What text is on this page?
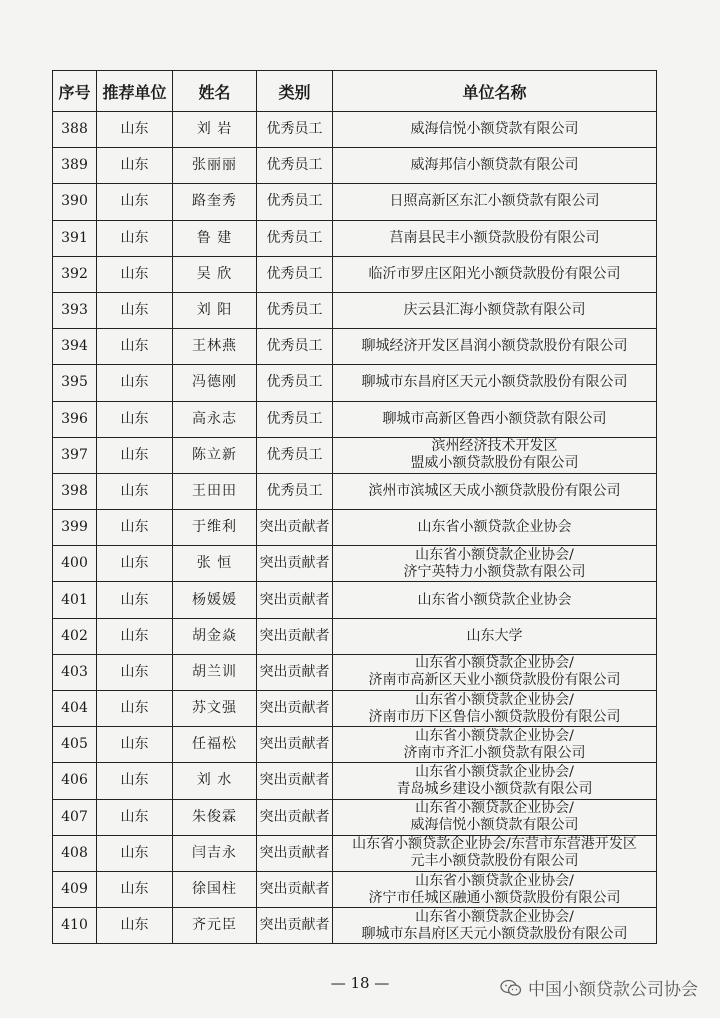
序号	推荐单位	姓名	类别	单位名称
388	山东	刘 岩	优秀员工	威海信悦小额贷款有限公司

389	山东	张丽丽	优秀员工	威海邦信小额贷款有限公司

390	山东	路奎秀	优秀员工	日照高新区东汇小额贷款有限公司

391	山东	鲁 建	优秀员工	莒南县民丰小额贷款股份有限公司

392	山东	吴 欣	优秀员工	临沂市罗庄区阳光小额贷款股份有限公司

393	山东	刘 阳	优秀员工	庆云县汇海小额贷款有限公司

394	山东	王林燕	优秀员工	聊城经济开发区昌润小额贷款股份有限公司

395	山东	冯德刚	优秀员工	聊城市东昌府区天元小额贷款股份有限公司

396	山东	高永志	优秀员工	聊城市高新区鲁西小额贷款有限公司

397	山东	陈立新	优秀员工	滨州经济技术开发区
盟威小额贷款股份有限公司

398	山东	王田田	优秀员工	滨州市滨城区天成小额贷款股份有限公司

399	山东	于维利	突出贡献者	山东省小额贷款企业协会

400	山东	张 恒	突出贡献者	山东省小额贷款企业协会/
济宁英特力小额贷款有限公司

401	山东	杨媛媛	突出贡献者	山东省小额贷款企业协会

402	山东	胡金焱	突出贡献者	山东大学

403	山东	胡兰训	突出贡献者	山东省小额贷款企业协会/
济南市高新区天业小额贷款股份有限公司

404	山东	苏文强	突出贡献者	山东省小额贷款企业协会/
济南市历下区鲁信小额贷款股份有限公司

405	山东	任福松	突出贡献者	山东省小额贷款企业协会/
济南市齐汇小额贷款有限公司

406	山东	刘 水	突出贡献者	山东省小额贷款企业协会/
青岛城乡建设小额贷款有限公司

407	山东	朱俊霖	突出贡献者	山东省小额贷款企业协会/
威海信悦小额贷款有限公司

408	山东	闫吉永	突出贡献者	山东省小额贷款企业协会/东营市东营港开发区
元丰小额贷款股份有限公司

409	山东	徐国柱	突出贡献者	山东省小额贷款企业协会/
济宁市任城区融通小额贷款股份有限公司

410	山东	齐元臣	突出贡献者	山东省小额贷款企业协会/
聊城市东昌府区天元小额贷款股份有限公司
— 18 —	中国小额贷款公司协会
